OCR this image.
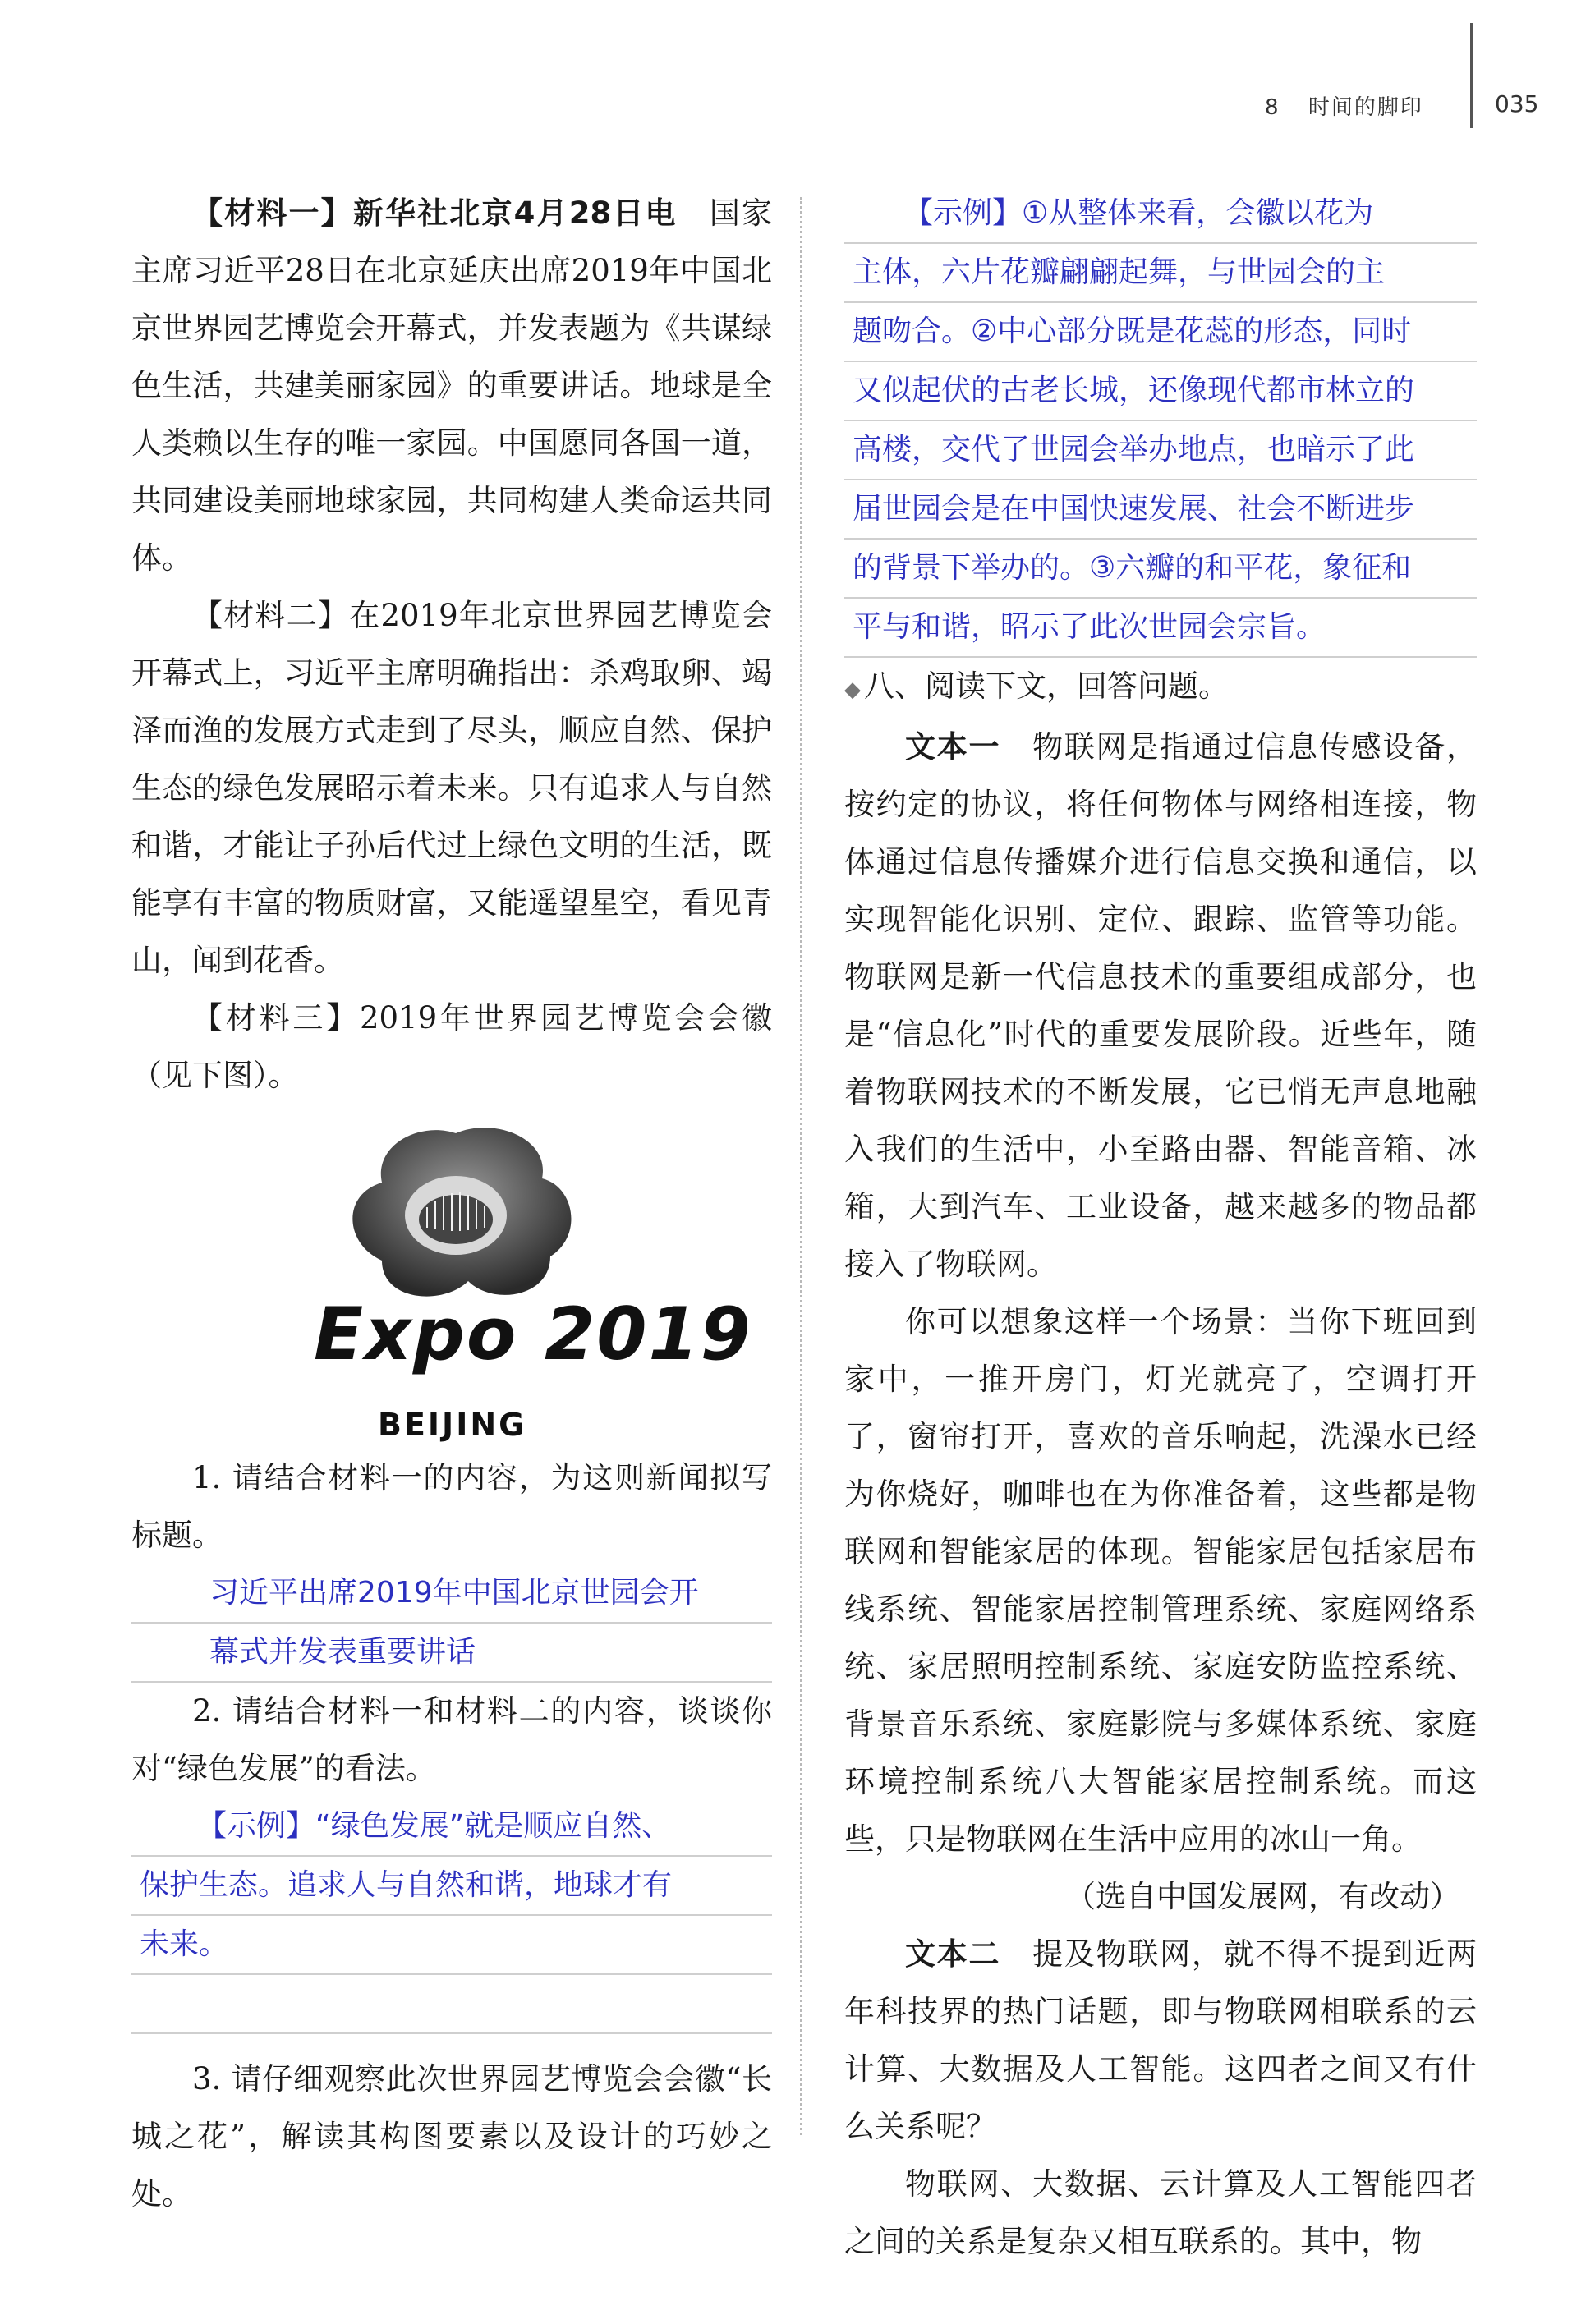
8 时间的脚印	035

【材料一】新华社北京4月28日电　 国家主席习近平28日在北京延庆出席2019年中国北京世界园艺博览会开幕式，并发表题为《共谋绿色生活，共建美丽家园》的重要讲话。地球是全人类赖以生存的唯一家园。中国愿同各国一道，共同建设美丽地球家园，共同构建人类命运共同体。

【材料二】在2019年北京世界园艺博览会开幕式上，习近平主席明确指出：杀鸡取卵、竭泽而渔的发展方式走到了尽头，顺应自然、保护生态的绿色发展昭示着未来。只有追求人与自然和谐，才能让子孙后代过上绿色文明的生活，既能享有丰富的物质财富，又能遥望星空，看见青山，闻到花香。

【材料三】2019年世界园艺博览会会徽（见下图）。

Expo 2019
BEIJING

1. 请结合材料一的内容，为这则新闻拟写标题。

习近平出席2019年中国北京世园会开
幕式并发表重要讲话

2. 请结合材料一和材料二的内容，谈谈你对“绿色发展”的看法。

【示例】“绿色发展”就是顺应自然、
保护生态。追求人与自然和谐，地球才有
未来。

3. 请仔细观察此次世界园艺博览会会徽“长城之花”，解读其构图要素以及设计的巧妙之处。

【示例】①从整体来看，会徽以花为
主体，六片花瓣翩翩起舞，与世园会的主
题吻合。②中心部分既是花蕊的形态，同时
又似起伏的古老长城，还像现代都市林立的
高楼，交代了世园会举办地点，也暗示了此
届世园会是在中国快速发展、社会不断进步
的背景下举办的。③六瓣的和平花，象征和
平与和谐，昭示了此次世园会宗旨。

◆ 八、阅读下文，回答问题。

文本一　 物联网是指通过信息传感设备，按约定的协议，将任何物体与网络相连接，物体通过信息传播媒介进行信息交换和通信，以实现智能化识别、定位、跟踪、监管等功能。物联网是新一代信息技术的重要组成部分，也是“信息化”时代的重要发展阶段。近些年，随着物联网技术的不断发展，它已悄无声息地融入我们的生活中，小至路由器、智能音箱、冰箱，大到汽车、工业设备，越来越多的物品都接入了物联网。

你可以想象这样一个场景：当你下班回到家中，一推开房门，灯光就亮了，空调打开了，窗帘打开，喜欢的音乐响起，洗澡水已经为你烧好，咖啡也在为你准备着，这些都是物联网和智能家居的体现。智能家居包括家居布线系统、智能家居控制管理系统、家庭网络系统、家居照明控制系统、家庭安防监控系统、背景音乐系统、家庭影院与多媒体系统、家庭环境控制系统八大智能家居控制系统。而这些，只是物联网在生活中应用的冰山一角。

（选自中国发展网，有改动）

文本二　 提及物联网，就不得不提到近两年科技界的热门话题，即与物联网相联系的云计算、大数据及人工智能。这四者之间又有什么关系呢？

物联网、大数据、云计算及人工智能四者之间的关系是复杂又相互联系的。其中，物
